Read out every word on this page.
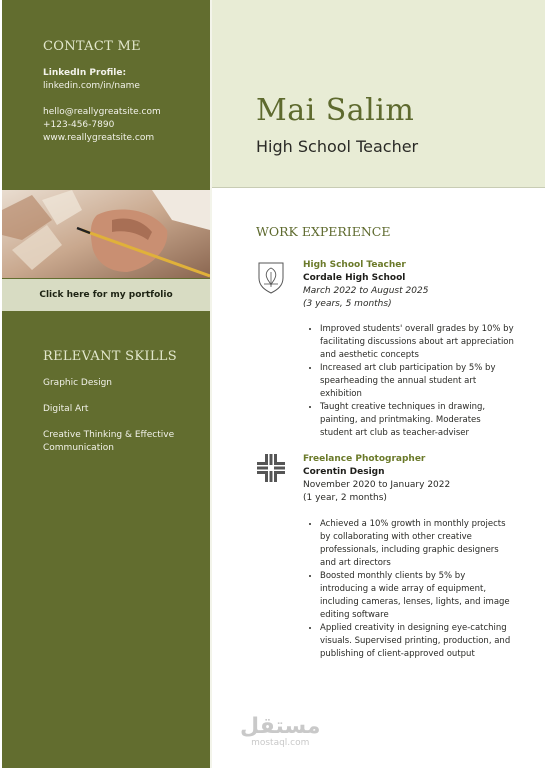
CONTACT ME
LinkedIn Profile:
linkedin.com/in/name
hello@reallygreatsite.com
+123-456-7890
www.reallygreatsite.com
Click here for my portfolio
RELEVANT SKILLS
Graphic Design
Digital Art
Creative Thinking & Effective
Communication
Mai Salim
High School Teacher
WORK EXPERIENCE
High School Teacher
Cordale High School
March 2022 to August 2025
(3 years, 5 months)
• Improved students' overall grades by 10% by facilitating discussions about art appreciation and aesthetic concepts
• Increased art club participation by 5% by spearheading the annual student art exhibition
• Taught creative techniques in drawing, painting, and printmaking. Moderates student art club as teacher-adviser
Freelance Photographer
Corentin Design
November 2020 to January 2022
(1 year, 2 months)
• Achieved a 10% growth in monthly projects by collaborating with other creative professionals, including graphic designers and art directors
• Boosted monthly clients by 5% by introducing a wide array of equipment, including cameras, lenses, lights, and image editing software
• Applied creativity in designing eye-catching visuals. Supervised printing, production, and publishing of client-approved output
مستقل
mostaql.com
